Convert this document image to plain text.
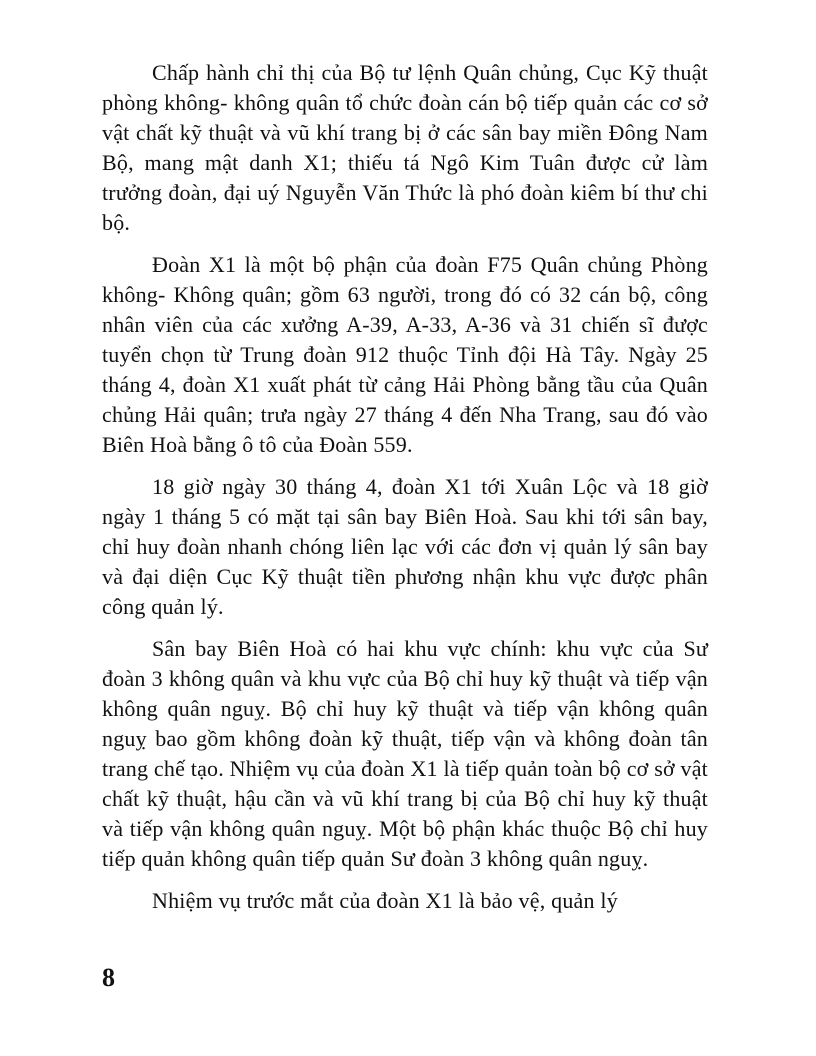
Chấp hành chỉ thị của Bộ tư lệnh Quân chủng, Cục Kỹ thuật phòng không- không quân tổ chức đoàn cán bộ tiếp quản các cơ sở vật chất kỹ thuật và vũ khí trang bị ở các sân bay miền Đông Nam Bộ, mang mật danh X1; thiếu tá Ngô Kim Tuân được cử làm trưởng đoàn, đại uý Nguyễn Văn Thức là phó đoàn kiêm bí thư chi bộ.

Đoàn X1 là một bộ phận của đoàn F75 Quân chủng Phòng không- Không quân; gồm 63 người, trong đó có 32 cán bộ, công nhân viên của các xưởng A-39, A-33, A-36 và 31 chiến sĩ được tuyển chọn từ Trung đoàn 912 thuộc Tỉnh đội Hà Tây. Ngày 25 tháng 4, đoàn X1 xuất phát từ cảng Hải Phòng bằng tầu của Quân chủng Hải quân; trưa ngày 27 tháng 4 đến Nha Trang, sau đó vào Biên Hoà bằng ô tô của Đoàn 559.

18 giờ ngày 30 tháng 4, đoàn X1 tới Xuân Lộc và 18 giờ ngày 1 tháng 5 có mặt tại sân bay Biên Hoà. Sau khi tới sân bay, chỉ huy đoàn nhanh chóng liên lạc với các đơn vị quản lý sân bay và đại diện Cục Kỹ thuật tiền phương nhận khu vực được phân công quản lý.

Sân bay Biên Hoà có hai khu vực chính: khu vực của Sư đoàn 3 không quân và khu vực của Bộ chỉ huy kỹ thuật và tiếp vận không quân nguỵ. Bộ chỉ huy kỹ thuật và tiếp vận không quân nguỵ bao gồm không đoàn kỹ thuật, tiếp vận và không đoàn tân trang chế tạo. Nhiệm vụ của đoàn X1 là tiếp quản toàn bộ cơ sở vật chất kỹ thuật, hậu cần và vũ khí trang bị của Bộ chỉ huy kỹ thuật và tiếp vận không quân nguỵ. Một bộ phận khác thuộc Bộ chỉ huy tiếp quản không quân tiếp quản Sư đoàn 3 không quân nguỵ.

Nhiệm vụ trước mắt của đoàn X1 là bảo vệ, quản lý

8
